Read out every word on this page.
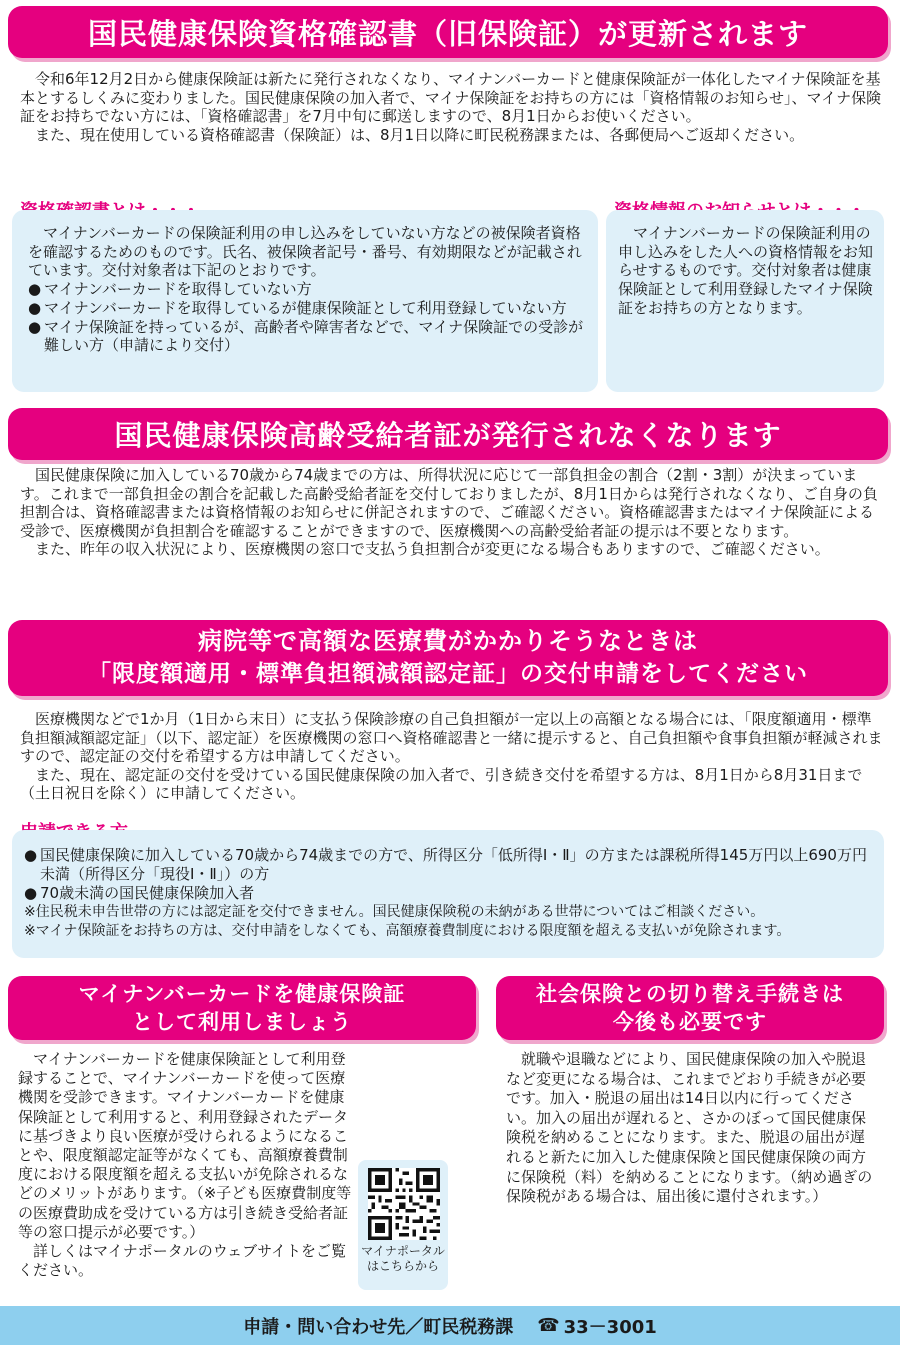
国民健康保険資格確認書（旧保険証）が更新されます

令和6年12月2日から健康保険証は新たに発行されなくなり、マイナンバーカードと健康保険証が一体化したマイナ保険証を基本とするしくみに変わりました。国民健康保険の加入者で、マイナ保険証をお持ちの方には「資格情報のお知らせ」、マイナ保険証をお持ちでない方には、「資格確認書」を7月中旬に郵送しますので、8月1日からお使いください。

また、現在使用している資格確認書（保険証）は、8月1日以降に町民税務課または、各郵便局へご返却ください。

マイナンバーカードの保険証利用の申し込みをしていない方などの被保険者資格を確認するためのものです。氏名、被保険者記号・番号、有効期限などが記載されています。交付対象者は下記のとおりです。

● マイナンバーカードを取得していない方
● マイナンバーカードを取得しているが健康保険証として利用登録していない方
● マイナ保険証を持っているが、高齢者や障害者などで、マイナ保険証での受診が難しい方（申請により交付）

マイナンバーカードの保険証利用の申し込みをした人への資格情報をお知らせするものです。交付対象者は健康保険証として利用登録したマイナ保険証をお持ちの方となります。

国民健康保険高齢受給者証が発行されなくなります

国民健康保険に加入している70歳から74歳までの方は、所得状況に応じて一部負担金の割合（2割・3割）が決まっています。これまで一部負担金の割合を記載した高齢受給者証を交付しておりましたが、8月1日からは発行されなくなり、ご自身の負担割合は、資格確認書または資格情報のお知らせに併記されますので、ご確認ください。資格確認書またはマイナ保険証による受診で、医療機関が負担割合を確認することができますので、医療機関への高齢受給者証の提示は不要となります。

また、昨年の収入状況により、医療機関の窓口で支払う負担割合が変更になる場合もありますので、ご確認ください。

病院等で高額な医療費がかかりそうなときは
「限度額適用・標準負担額減額認定証」の交付申請をしてください

医療機関などで1か月（1日から末日）に支払う保険診療の自己負担額が一定以上の高額となる場合には、「限度額適用・標準負担額減額認定証」（以下、認定証）を医療機関の窓口へ資格確認書と一緒に提示すると、自己負担額や食事負担額が軽減されますので、認定証の交付を希望する方は申請してください。

また、現在、認定証の交付を受けている国民健康保険の加入者で、引き続き交付を希望する方は、8月1日から8月31日まで（土日祝日を除く）に申請してください。

● 国民健康保険に加入している70歳から74歳までの方で、所得区分「低所得Ⅰ・Ⅱ」の方または課税所得145万円以上690万円未満（所得区分「現役Ⅰ・Ⅱ」）の方
● 70歳未満の国民健康保険加入者
※住民税未申告世帯の方には認定証を交付できません。国民健康保険税の未納がある世帯についてはご相談ください。
※マイナ保険証をお持ちの方は、交付申請をしなくても、高額療養費制度における限度額を超える支払いが免除されます。
マイナンバーカードを健康保険証
として利用しましょう

マイナンバーカードを健康保険証として利用登録することで、マイナンバーカードを使って医療機関を受診できます。マイナンバーカードを健康保険証として利用すると、利用登録されたデータに基づきより良い医療が受けられるようになることや、限度額認定証等がなくても、高額療養費制度における限度額を超える支払いが免除されるなどのメリットがあります。（※子ども医療費制度等の医療費助成を受けている方は引き続き受給者証等の窓口提示が必要です。）

詳しくはマイナポータルのウェブサイトをご覧ください。

マイナポータル
はこちらから
社会保険との切り替え手続きは
今後も必要です

就職や退職などにより、国民健康保険の加入や脱退など変更になる場合は、これまでどおり手続きが必要です。加入・脱退の届出は14日以内に行ってください。加入の届出が遅れると、さかのぼって国民健康保険税を納めることになります。また、脱退の届出が遅れると新たに加入した健康保険と国民健康保険の両方に保険税（料）を納めることになります。（納め過ぎの保険税がある場合は、届出後に還付されます。）

申請・問い合わせ先／町民税務課 ☎ 33－3001
